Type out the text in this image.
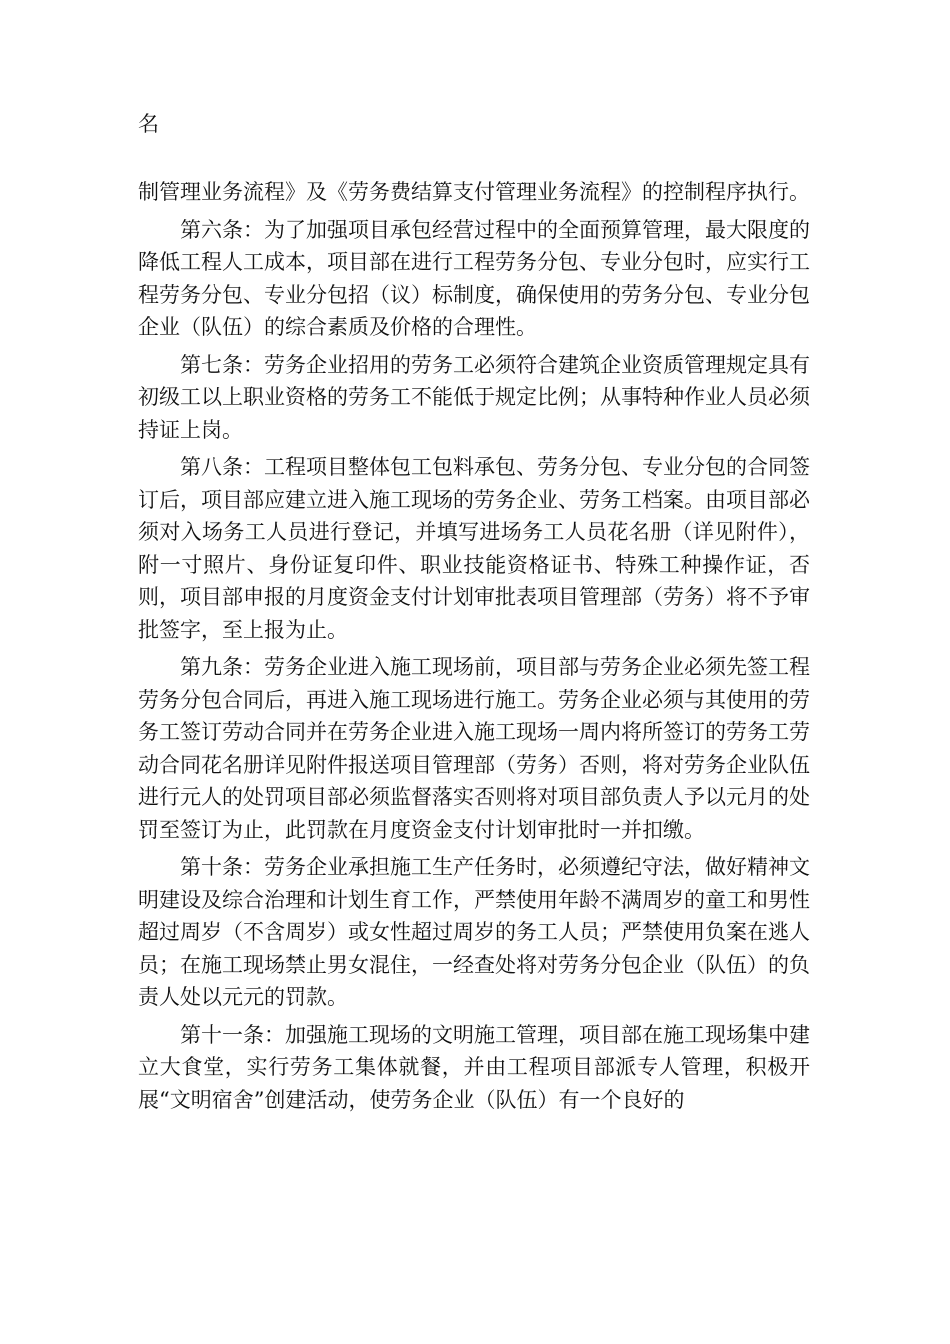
名

制管理业务流程》及《劳务费结算支付管理业务流程》的控制程序执行。

第六条：为了加强项目承包经营过程中的全面预算管理，最大限度的降低工程人工成本，项目部在进行工程劳务分包、专业分包时，应实行工程劳务分包、专业分包招（议）标制度，确保使用的劳务分包、专业分包企业（队伍）的综合素质及价格的合理性。

第七条：劳务企业招用的劳务工必须符合建筑企业资质管理规定具有初级工以上职业资格的劳务工不能低于规定比例；从事特种作业人员必须持证上岗。

第八条：工程项目整体包工包料承包、劳务分包、专业分包的合同签订后，项目部应建立进入施工现场的劳务企业、劳务工档案。由项目部必须对入场务工人员进行登记，并填写进场务工人员花名册（详见附件），附一寸照片、身份证复印件、职业技能资格证书、特殊工种操作证，否则，项目部申报的月度资金支付计划审批表项目管理部（劳务）将不予审批签字，至上报为止。

第九条：劳务企业进入施工现场前，项目部与劳务企业必须先签工程劳务分包合同后，再进入施工现场进行施工。劳务企业必须与其使用的劳务工签订劳动合同并在劳务企业进入施工现场一周内将所签订的劳务工劳动合同花名册详见附件报送项目管理部（劳务）否则，将对劳务企业队伍进行元人的处罚项目部必须监督落实否则将对项目部负责人予以元月的处罚至签订为止，此罚款在月度资金支付计划审批时一并扣缴。

第十条：劳务企业承担施工生产任务时，必须遵纪守法，做好精神文明建设及综合治理和计划生育工作，严禁使用年龄不满周岁的童工和男性超过周岁（不含周岁）或女性超过周岁的务工人员；严禁使用负案在逃人员；在施工现场禁止男女混住，一经查处将对劳务分包企业（队伍）的负责人处以元元的罚款。

第十一条：加强施工现场的文明施工管理，项目部在施工现场集中建立大食堂，实行劳务工集体就餐，并由工程项目部派专人管理，积极开展“文明宿舍”创建活动，使劳务企业（队伍）有一个良好的
